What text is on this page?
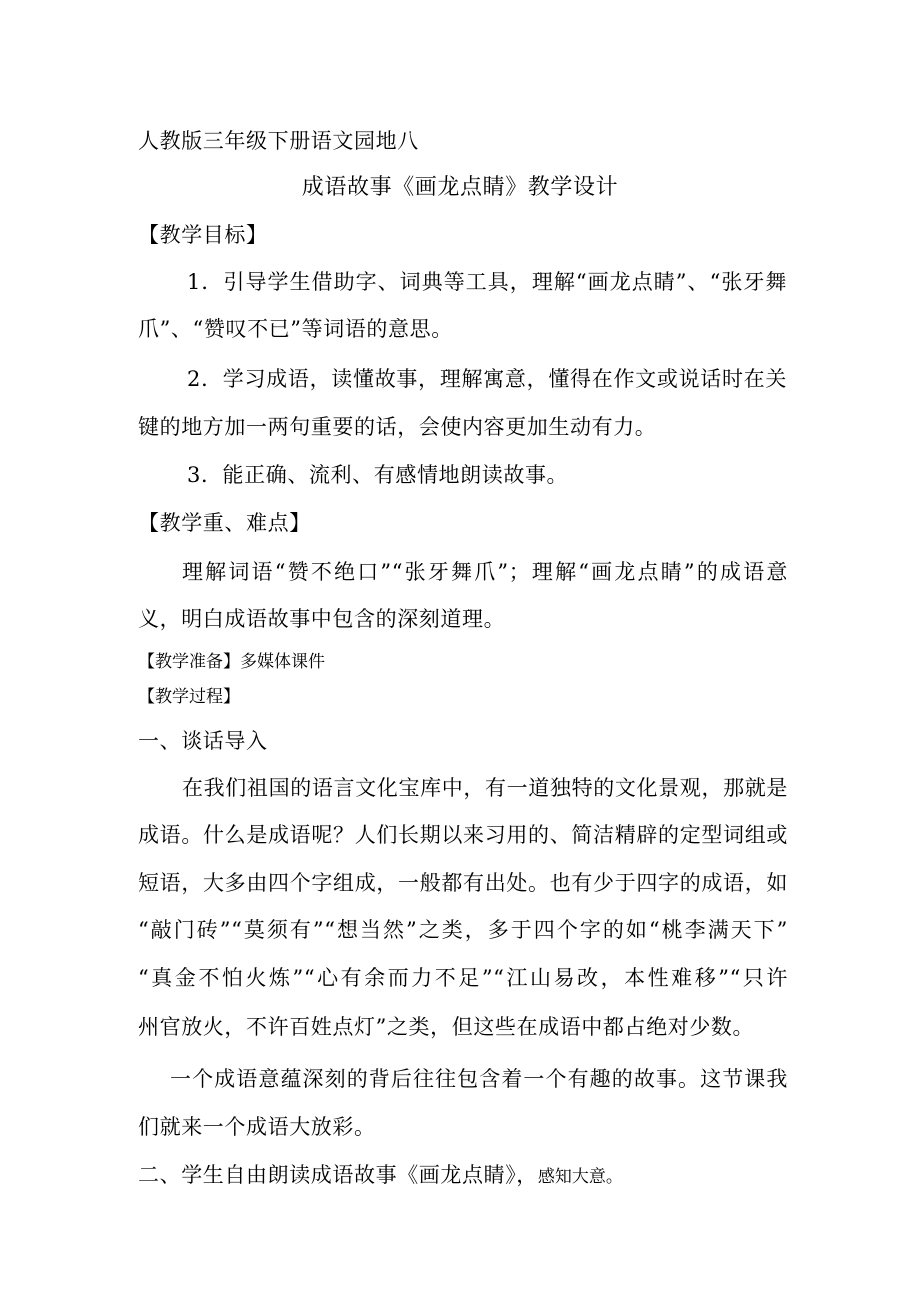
人教版三年级下册语文园地八
成语故事《画龙点睛》教学设计
【教学目标】
1．引导学生借助字、词典等工具，理解“画龙点睛”、“张牙舞
爪”、“赞叹不已”等词语的意思。
2．学习成语，读懂故事，理解寓意，懂得在作文或说话时在关
键的地方加一两句重要的话，会使内容更加生动有力。
3．能正确、流利、有感情地朗读故事。
【教学重、难点】
理解词语“赞不绝口”“张牙舞爪”；理解“画龙点睛”的成语意
义，明白成语故事中包含的深刻道理。
【教学准备】多媒体课件
【教学过程】
一、谈话导入
在我们祖国的语言文化宝库中，有一道独特的文化景观，那就是
成语。什么是成语呢？人们长期以来习用的、简洁精辟的定型词组或
短语，大多由四个字组成，一般都有出处。也有少于四字的成语，如
“敲门砖”“莫须有”“想当然”之类，多于四个字的如“桃李满天下”
“真金不怕火炼”“心有余而力不足”“江山易改，本性难移”“只许
州官放火，不许百姓点灯”之类，但这些在成语中都占绝对少数。
一个成语意蕴深刻的背后往往包含着一个有趣的故事。这节课我
们就来一个成语大放彩。
二、学生自由朗读成语故事《画龙点睛》，感知大意。
